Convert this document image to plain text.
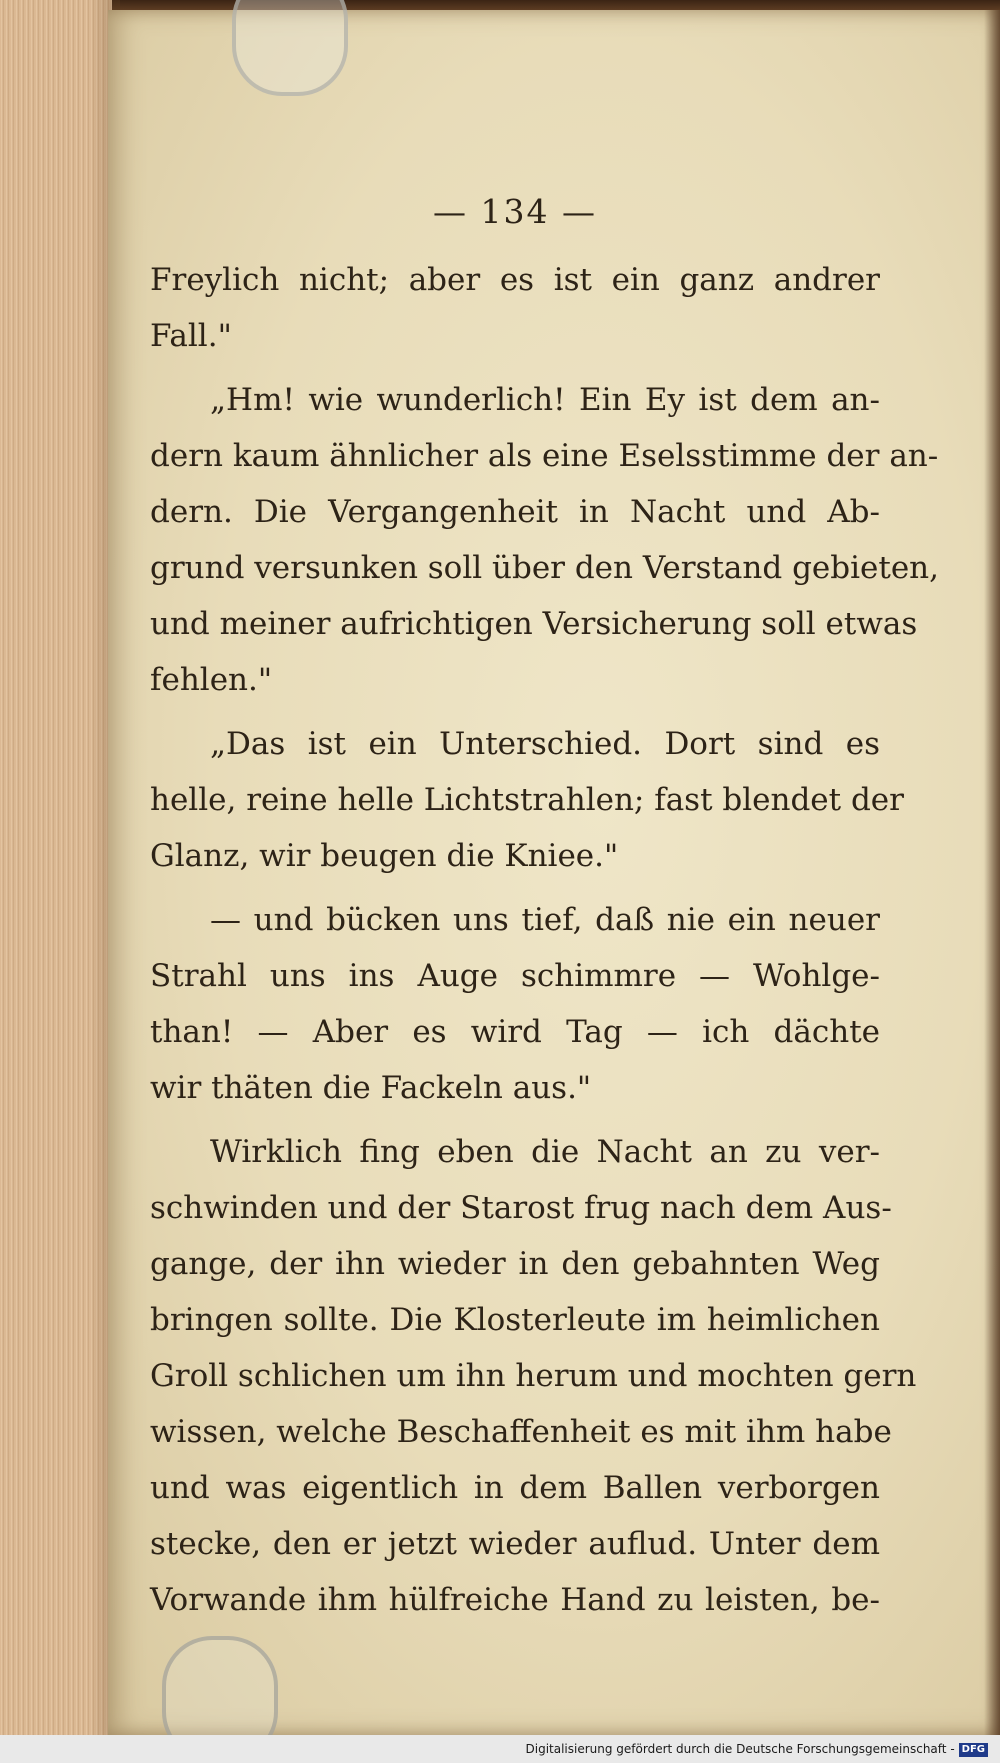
— 134 —
Freylich nicht; aber es ist ein ganz andrer
Fall."
„Hm! wie wunderlich! Ein Ey ist dem an-
dern kaum ähnlicher als eine Eselsstimme der an-
dern. Die Vergangenheit in Nacht und Ab-
grund versunken soll über den Verstand gebieten,
und meiner aufrichtigen Versicherung soll etwas
fehlen."
„Das ist ein Unterschied. Dort sind es
helle, reine helle Lichtstrahlen; fast blendet der
Glanz, wir beugen die Kniee."
— und bücken uns tief, daß nie ein neuer
Strahl uns ins Auge schimmre — Wohlge-
than! — Aber es wird Tag — ich dächte
wir thäten die Fackeln aus."
Wirklich fing eben die Nacht an zu ver-
schwinden und der Starost frug nach dem Aus-
gange, der ihn wieder in den gebahnten Weg
bringen sollte. Die Klosterleute im heimlichen
Groll schlichen um ihn herum und mochten gern
wissen, welche Beschaffenheit es mit ihm habe
und was eigentlich in dem Ballen verborgen
stecke, den er jetzt wieder auflud. Unter dem
Vorwande ihm hülfreiche Hand zu leisten, be-
Digitalisierung gefördert durch die Deutsche Forschungsgemeinschaft - DFG
